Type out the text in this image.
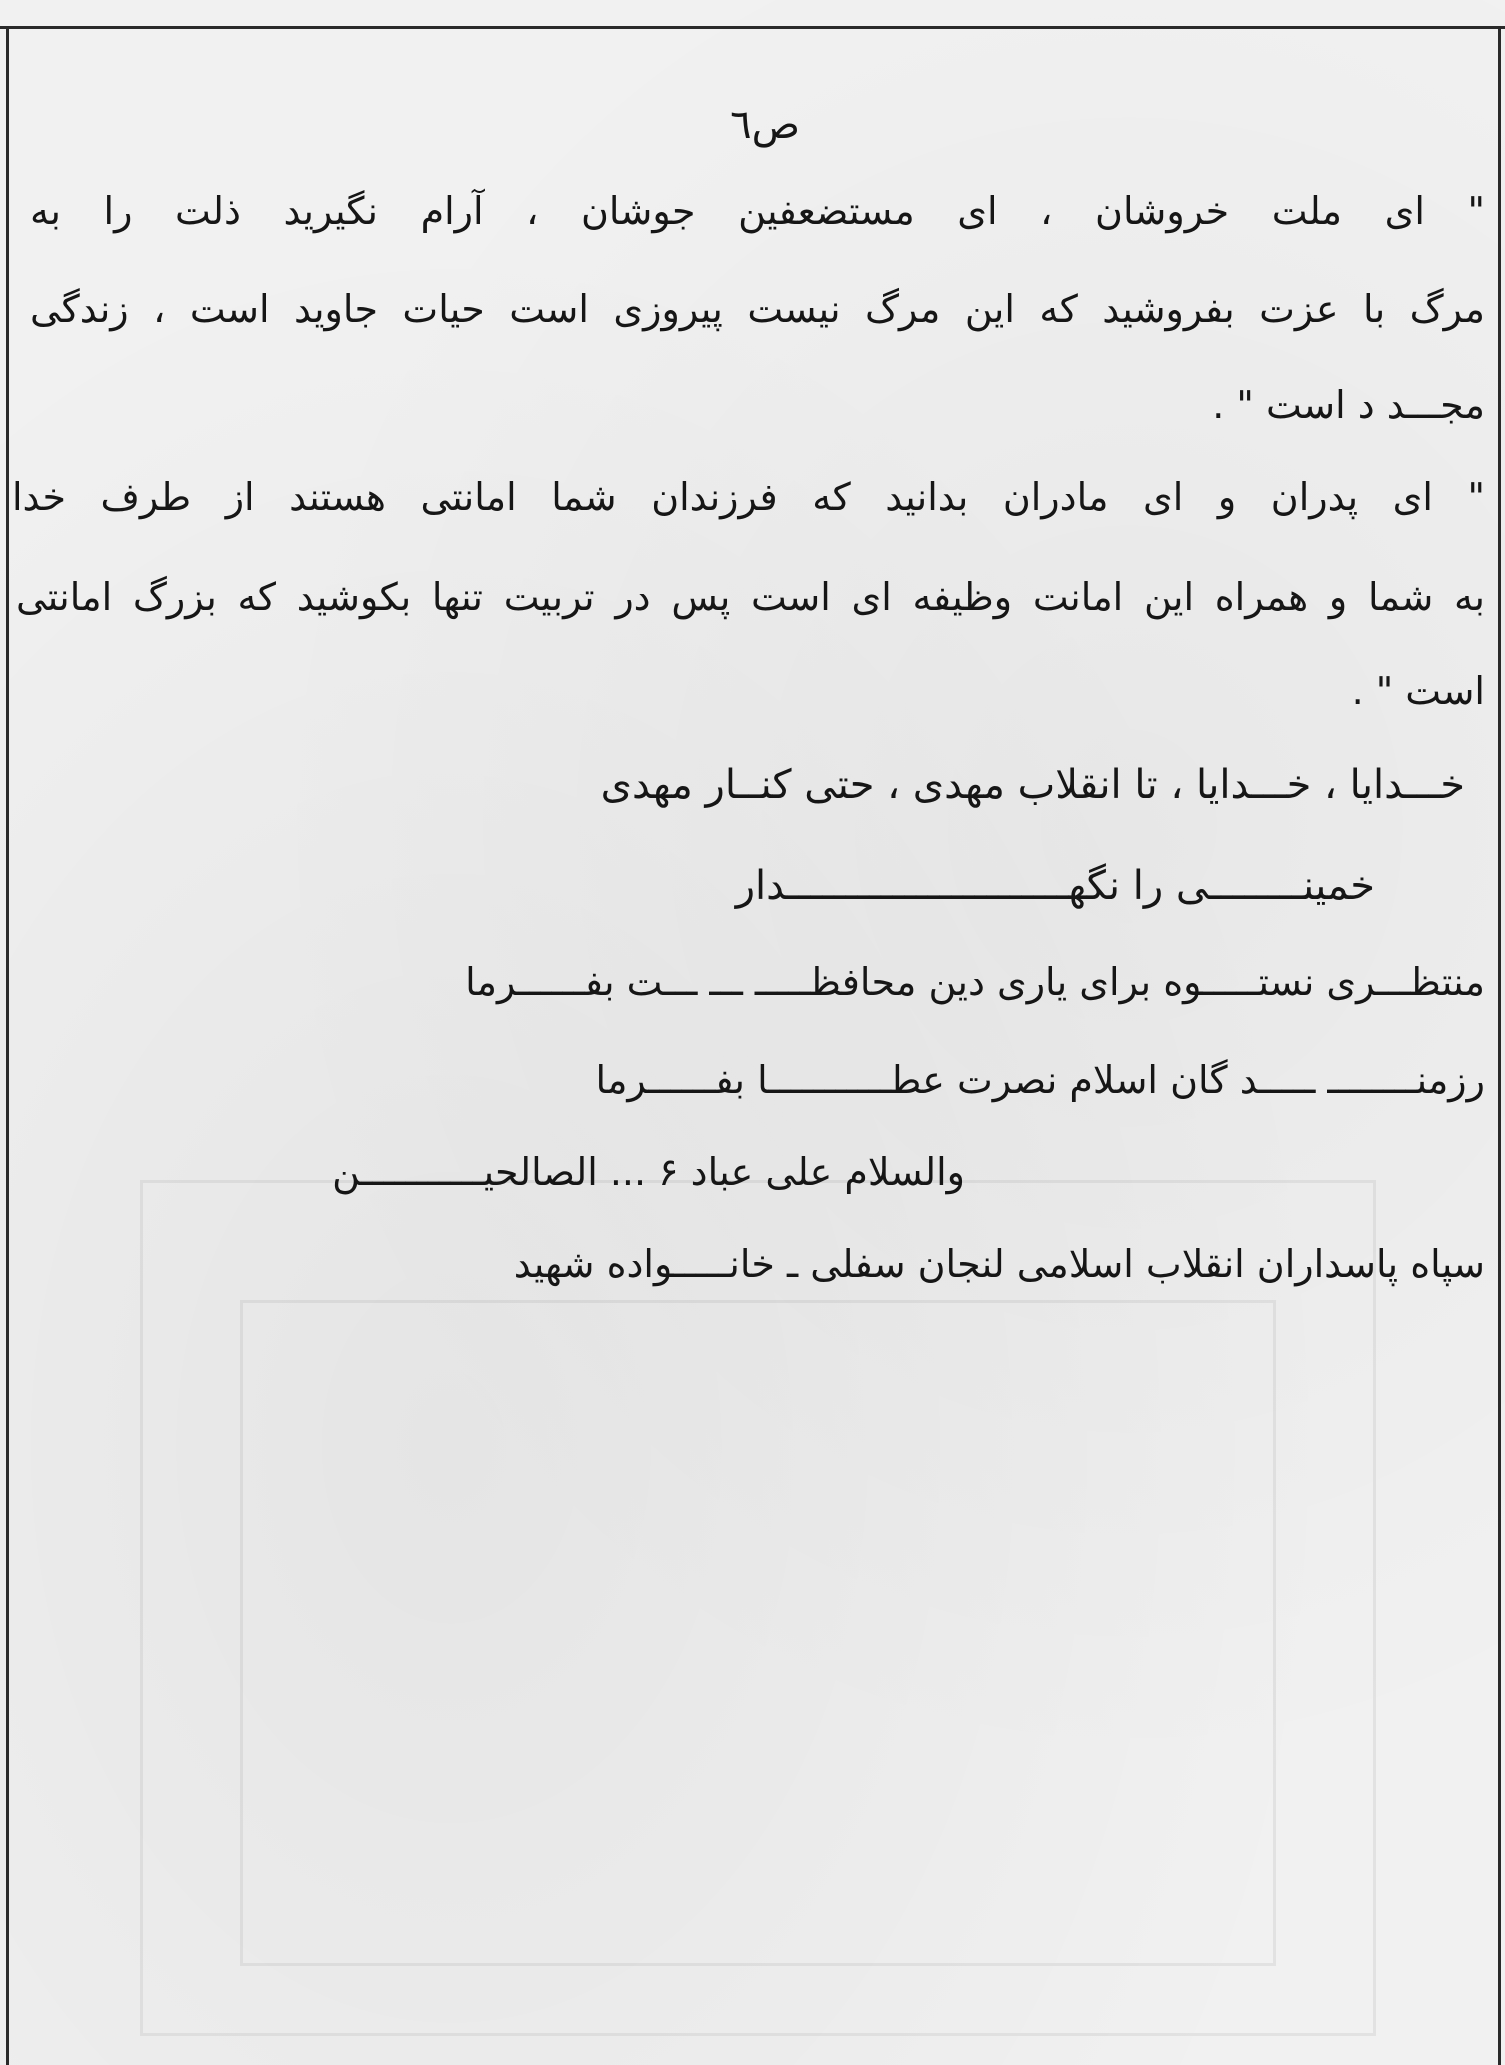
ص٦
" ای ملت خروشان ، ای مستضعفین جوشان ، آرام نگیرید ذلت را به
مرگ با عزت بفروشید که این مرگ نیست پیروزی است حیات جاوید است ، زندگی
مجـــد د است " .
" ای پدران و ای مادران بدانید که فرزندان شما امانتی هستند از طرف خدا
به شما و همراه این امانت وظیفه ای است پس در تربیت تنها بکوشید که بزرگ امانتی
است " .
خـــدایا ، خـــدایا ، تا انقلاب مهدی ، حتی کنــار مهدی
خمینــــــــی را نگهــــــــــــــــــــــــدار
منتظـــری نستـــــوه برای یاری دین محافظـــــ ـــ ـــت بفــــــرما
رزمنــــــــ ـــــد گان اسلام نصرت عطـــــــــــا بفــــــرما
والسلام علی عباد ۶ ... الصالحیـــــــــــن
سپاه پاسداران انقلاب اسلامی لنجان سفلی ـ خانـــــواده شهید
